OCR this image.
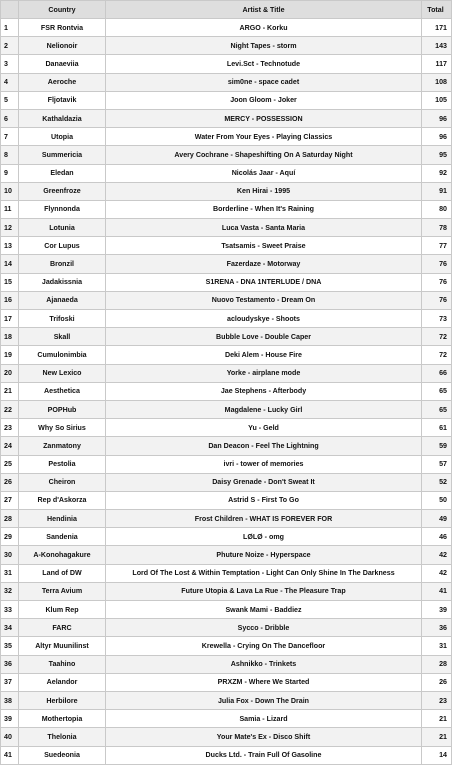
	Country	Artist & Title	Total
1	FSR Rontvia	ARGO - Korku	171
2	Nelionoir	Night Tapes - storm	143
3	Danaeviia	Levi.Sct - Technotude	117
4	Aeroche	sim0ne - space cadet	108
5	Fljotavik	Joon Gloom - Joker	105
6	Kathaldazia	MERCY - POSSESSION	96
7	Utopia	Water From Your Eyes - Playing Classics	96
8	Summericia	Avery Cochrane - Shapeshifting On A Saturday Night	95
9	Eledan	Nicolás Jaar - Aquí	92
10	Greenfroze	Ken Hirai - 1995	91
11	Flynnonda	Borderline - When It's Raining	80
12	Lotunia	Luca Vasta - Santa Maria	78
13	Cor Lupus	Tsatsamis - Sweet Praise	77
14	Bronzil	Fazerdaze - Motorway	76
15	Jadakissnia	S1RENA - DNA 1NTERLUDE / DNA	76
16	Ajanaeda	Nuovo Testamento - Dream On	76
17	Trifoski	acloudyskye - Shoots	73
18	Skall	Bubble Love - Double Caper	72
19	Cumulonimbia	Deki Alem - House Fire	72
20	New Lexico	Yorke - airplane mode	66
21	Aesthetica	Jae Stephens - Afterbody	65
22	POPHub	Magdalene - Lucky Girl	65
23	Why So Sirius	Yu - Geld	61
24	Zanmatony	Dan Deacon - Feel The Lightning	59
25	Pestolia	ivri - tower of memories	57
26	Cheiron	Daisy Grenade - Don't Sweat It	52
27	Rep d'Askorza	Astrid S - First To Go	50
28	Hendinia	Frost Children - WHAT IS FOREVER FOR	49
29	Sandenia	LØLØ - omg	46
30	A-Konohagakure	Phuture Noize - Hyperspace	42
31	Land of DW	Lord Of The Lost & Within Temptation - Light Can Only Shine In The Darkness	42
32	Terra Avium	Future Utopia & Lava La Rue - The Pleasure Trap	41
33	Klum Rep	Swank Mami - Baddiez	39
34	FARC	Sycco - Dribble	36
35	Altyr Muunilinst	Krewella - Crying On The Dancefloor	31
36	Taahino	Ashnikko - Trinkets	28
37	Aelandor	PRXZM - Where We Started	26
38	Herbilore	Julia Fox - Down The Drain	23
39	Mothertopia	Samia - Lizard	21
40	Thelonia	Your Mate's Ex - Disco Shift	21
41	Suedeonia	Ducks Ltd. - Train Full Of Gasoline	14
